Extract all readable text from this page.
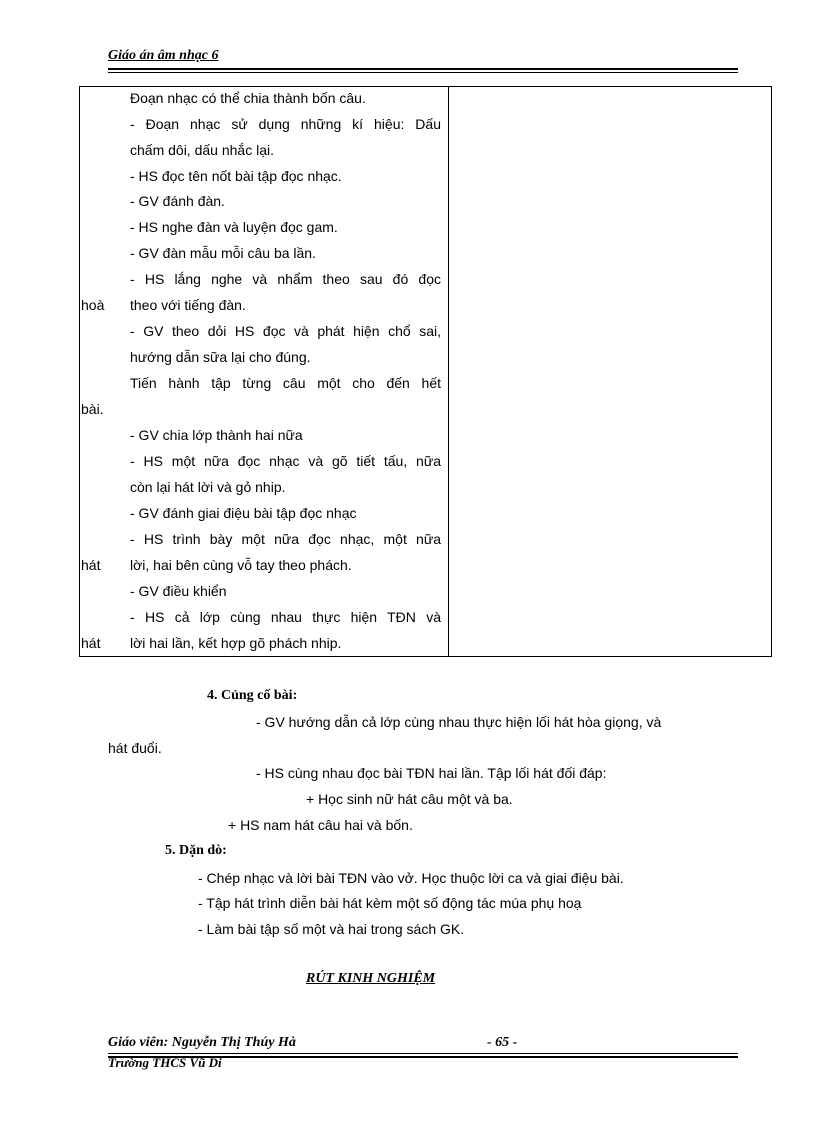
Giáo án âm nhạc 6
Đoạn nhạc có thể chia thành bốn câu.
- Đoạn nhạc sử dụng những kí hiệu: Dấu
chấm dôi, dấu nhắc lại.
- HS đọc tên nốt bài tập đọc nhạc.
- GV đánh đàn.
- HS nghe đàn và luyện đọc gam.
- GV đàn mẫu mỗi câu ba lần.
- HS lắng nghe và nhẩm theo sau đó đọc
theo với tiếng đàn.
- GV theo dỏi HS đọc và phát hiện chổ sai,
hướng dẫn sữa lại cho đúng.
Tiến hành tập từng câu một cho đến hết
- GV chia lớp thành hai nữa
- HS một nữa đọc nhạc và gõ tiết tấu, nữa
còn lại hát lời và gỏ nhip.
- GV đánh giai điệu bài tập đọc nhạc
- HS trình bày một nữa đọc nhạc, một nữa
lời, hai bên cùng vỗ tay theo phách.
- GV điều khiển
- HS cả lớp cùng nhau thực hiện TĐN và
lời hai lần, kết hợp gõ phách nhip.
hoà
bài.
hát
hát
4. Củng cố bài:
- GV hướng dẫn cả lớp cùng nhau thực hiện lối hát hòa giọng, và
hát đuổi.
- HS cùng nhau đọc bài TĐN hai lần. Tập lối hát đối đáp:
+ Học sinh nữ hát câu một và ba.
+ HS nam hát câu hai và bốn.
5. Dặn dò:
- Chép nhạc và lời bài TĐN vào vở. Học thuộc lời ca và giai điệu bài.
- Tập hát trình diễn bài hát kèm một số động tác múa phụ hoạ
- Làm bài tập số một và hai trong sách GK.
RÚT KINH NGHIỆM
Giáo viên: Nguyễn Thị Thúy Hà	- 65 -
Trường THCS Vũ Di
